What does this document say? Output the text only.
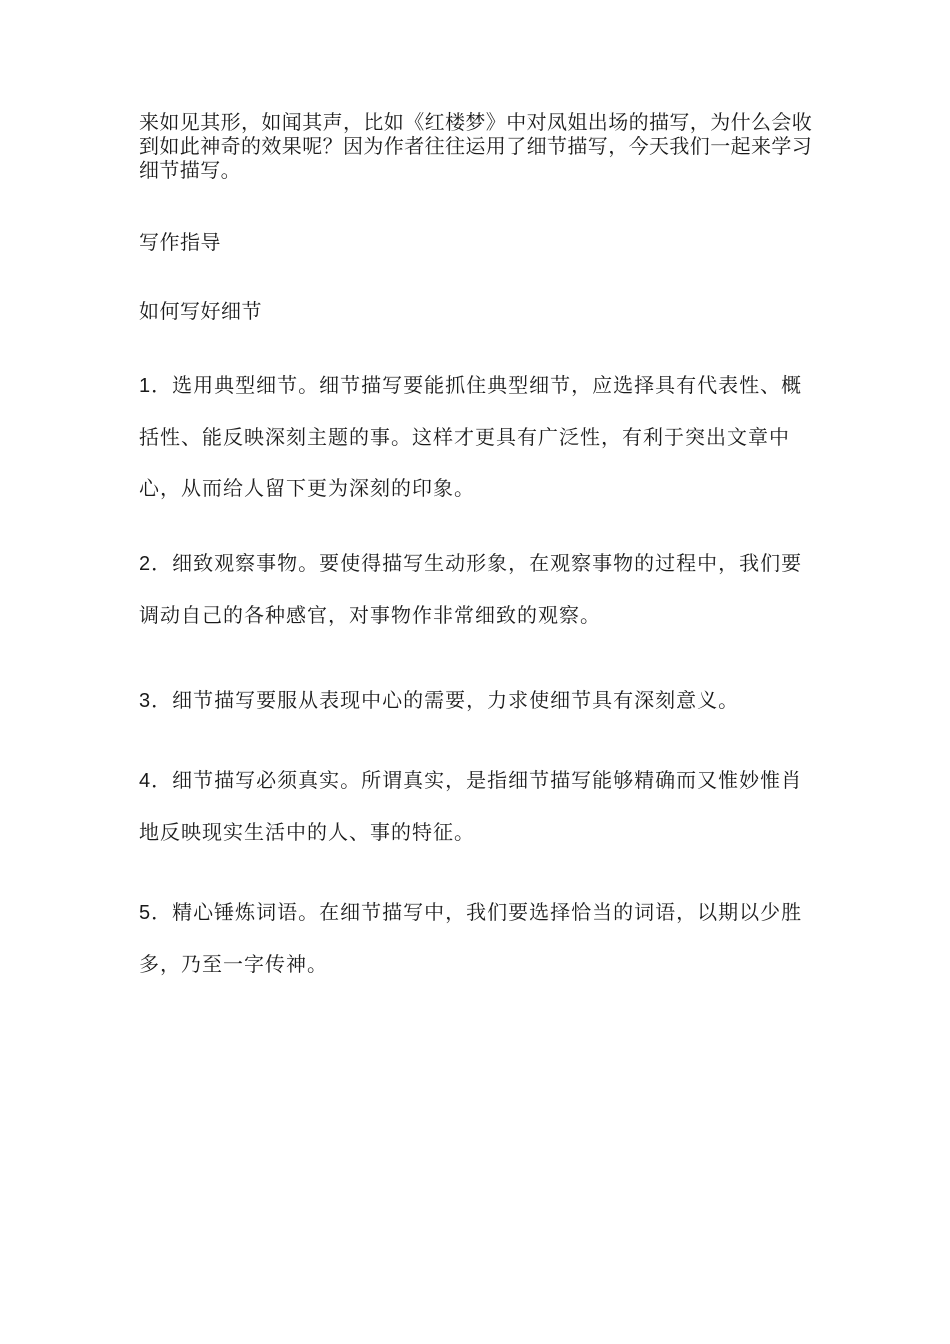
来如见其形，如闻其声，比如《红楼梦》中对凤姐出场的描写，为什么会收到如此神奇的效果呢？因为作者往往运用了细节描写，今天我们一起来学习细节描写。

写作指导

如何写好细节

1．选用典型细节。细节描写要能抓住典型细节，应选择具有代表性、概括性、能反映深刻主题的事。这样才更具有广泛性，有利于突出文章中心，从而给人留下更为深刻的印象。

2．细致观察事物。要使得描写生动形象，在观察事物的过程中，我们要调动自己的各种感官，对事物作非常细致的观察。

3．细节描写要服从表现中心的需要，力求使细节具有深刻意义。

4．细节描写必须真实。所谓真实，是指细节描写能够精确而又惟妙惟肖地反映现实生活中的人、事的特征。

5．精心锤炼词语。在细节描写中，我们要选择恰当的词语，以期以少胜多，乃至一字传神。
